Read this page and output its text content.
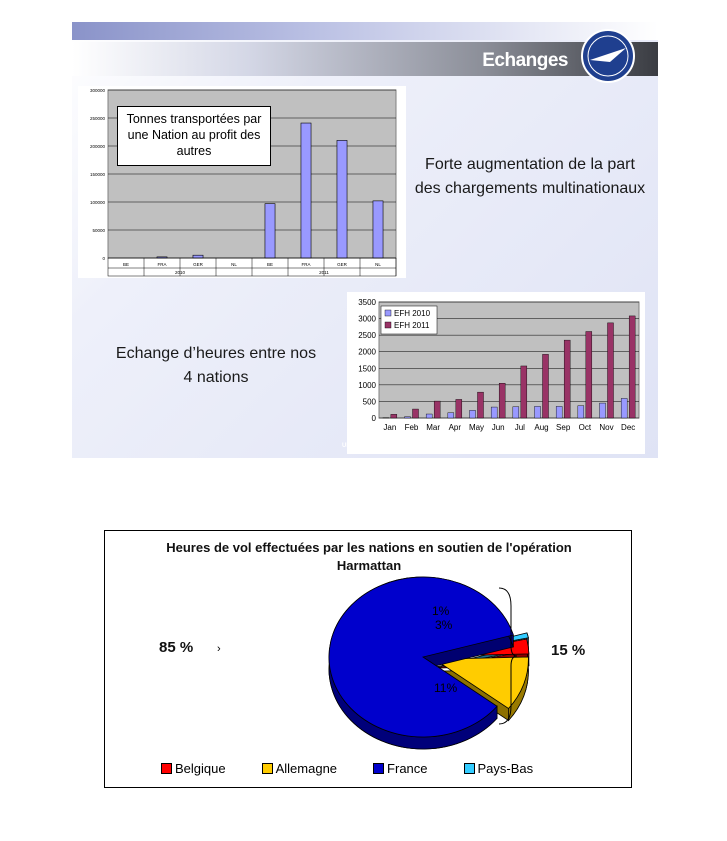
Echanges
0
50000
100000
150000
200000
250000
300000
BE	FRA	GER	NL	BE	FRA	GER	NL
2010	2011
Tonnes transportées par
une Nation au profit des
autres
Forte augmentation de la part
des chargements multinationaux
Echange d’heures entre nos
4 nations
0
500
1000
1500
2000
2500
3000
3500
Jan Feb Mar Apr May Jun Jul Aug Sep Oct Nov Dec
EFH 2010
EFH 2011
UNCLASSIFIED
Heures de vol effectuées par les nations en soutien de l'opération
Harmattan
85 % ›	15 %
1%
3%
11%
Belgique	Allemagne	France	Pays-Bas
